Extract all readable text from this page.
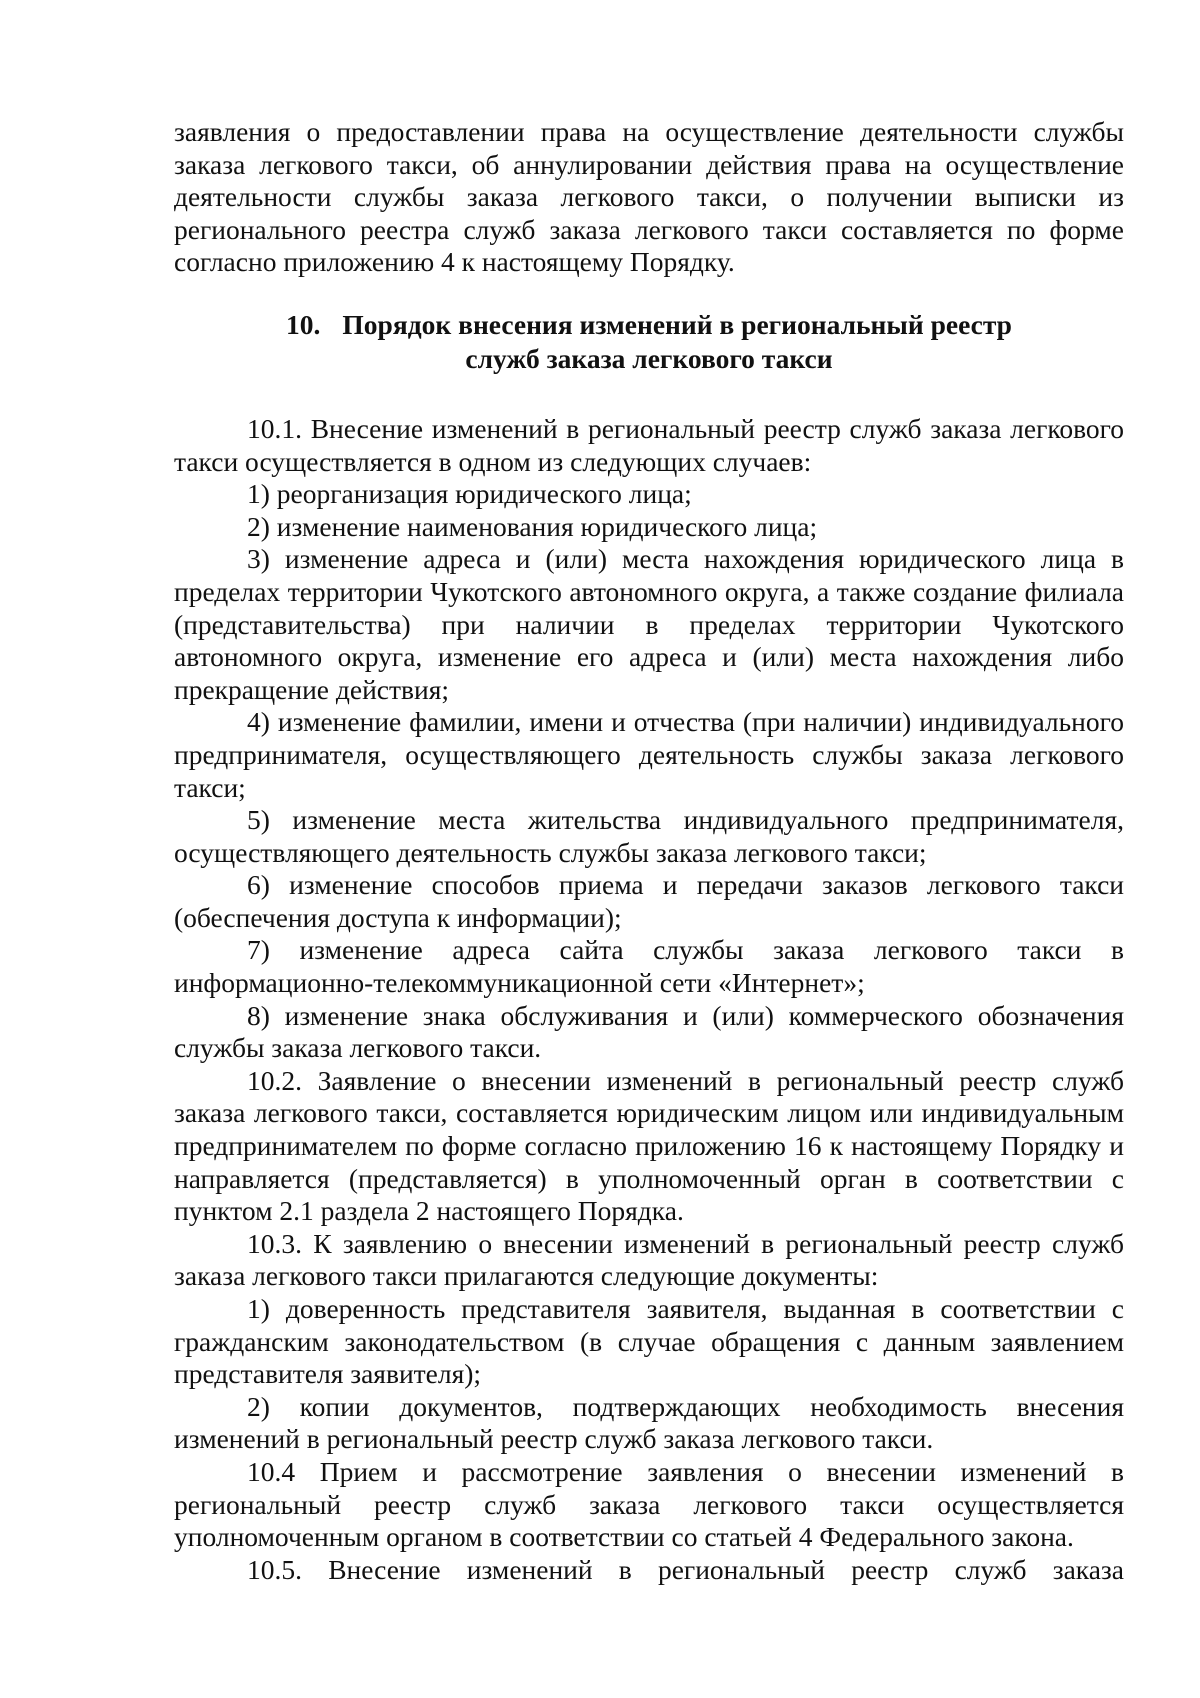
заявления о предоставлении права на осуществление деятельности службы заказа легкового такси, об аннулировании действия права на осуществление деятельности службы заказа легкового такси, о получении выписки из регионального реестра служб заказа легкового такси составляется по форме согласно приложению 4 к настоящему Порядку.

10. Порядок внесения изменений в региональный реестр
служб заказа легкового такси

10.1. Внесение изменений в региональный реестр служб заказа легкового такси осуществляется в одном из следующих случаев:

1) реорганизация юридического лица;

2) изменение наименования юридического лица;

3) изменение адреса и (или) места нахождения юридического лица в пределах территории Чукотского автономного округа, а также создание филиала (представительства) при наличии в пределах территории Чукотского автономного округа, изменение его адреса и (или) места нахождения либо прекращение действия;

4) изменение фамилии, имени и отчества (при наличии) индивидуального предпринимателя, осуществляющего деятельность службы заказа легкового такси;

5) изменение места жительства индивидуального предпринимателя, осуществляющего деятельность службы заказа легкового такси;

6) изменение способов приема и передачи заказов легкового такси (обеспечения доступа к информации);

7) изменение адреса сайта службы заказа легкового такси в информационно-телекоммуникационной сети «Интернет»;

8) изменение знака обслуживания и (или) коммерческого обозначения службы заказа легкового такси.

10.2. Заявление о внесении изменений в региональный реестр служб заказа легкового такси, составляется юридическим лицом или индивидуальным предпринимателем по форме согласно приложению 16 к настоящему Порядку и направляется (представляется) в уполномоченный орган в соответствии с пунктом 2.1 раздела 2 настоящего Порядка.

10.3. К заявлению о внесении изменений в региональный реестр служб заказа легкового такси прилагаются следующие документы:

1) доверенность представителя заявителя, выданная в соответствии с гражданским законодательством (в случае обращения с данным заявлением представителя заявителя);

2) копии документов, подтверждающих необходимость внесения изменений в региональный реестр служб заказа легкового такси.

10.4 Прием и рассмотрение заявления о внесении изменений в региональный реестр служб заказа легкового такси осуществляется уполномоченным органом в соответствии со статьей 4 Федерального закона.

10.5. Внесение изменений в региональный реестр служб заказа
